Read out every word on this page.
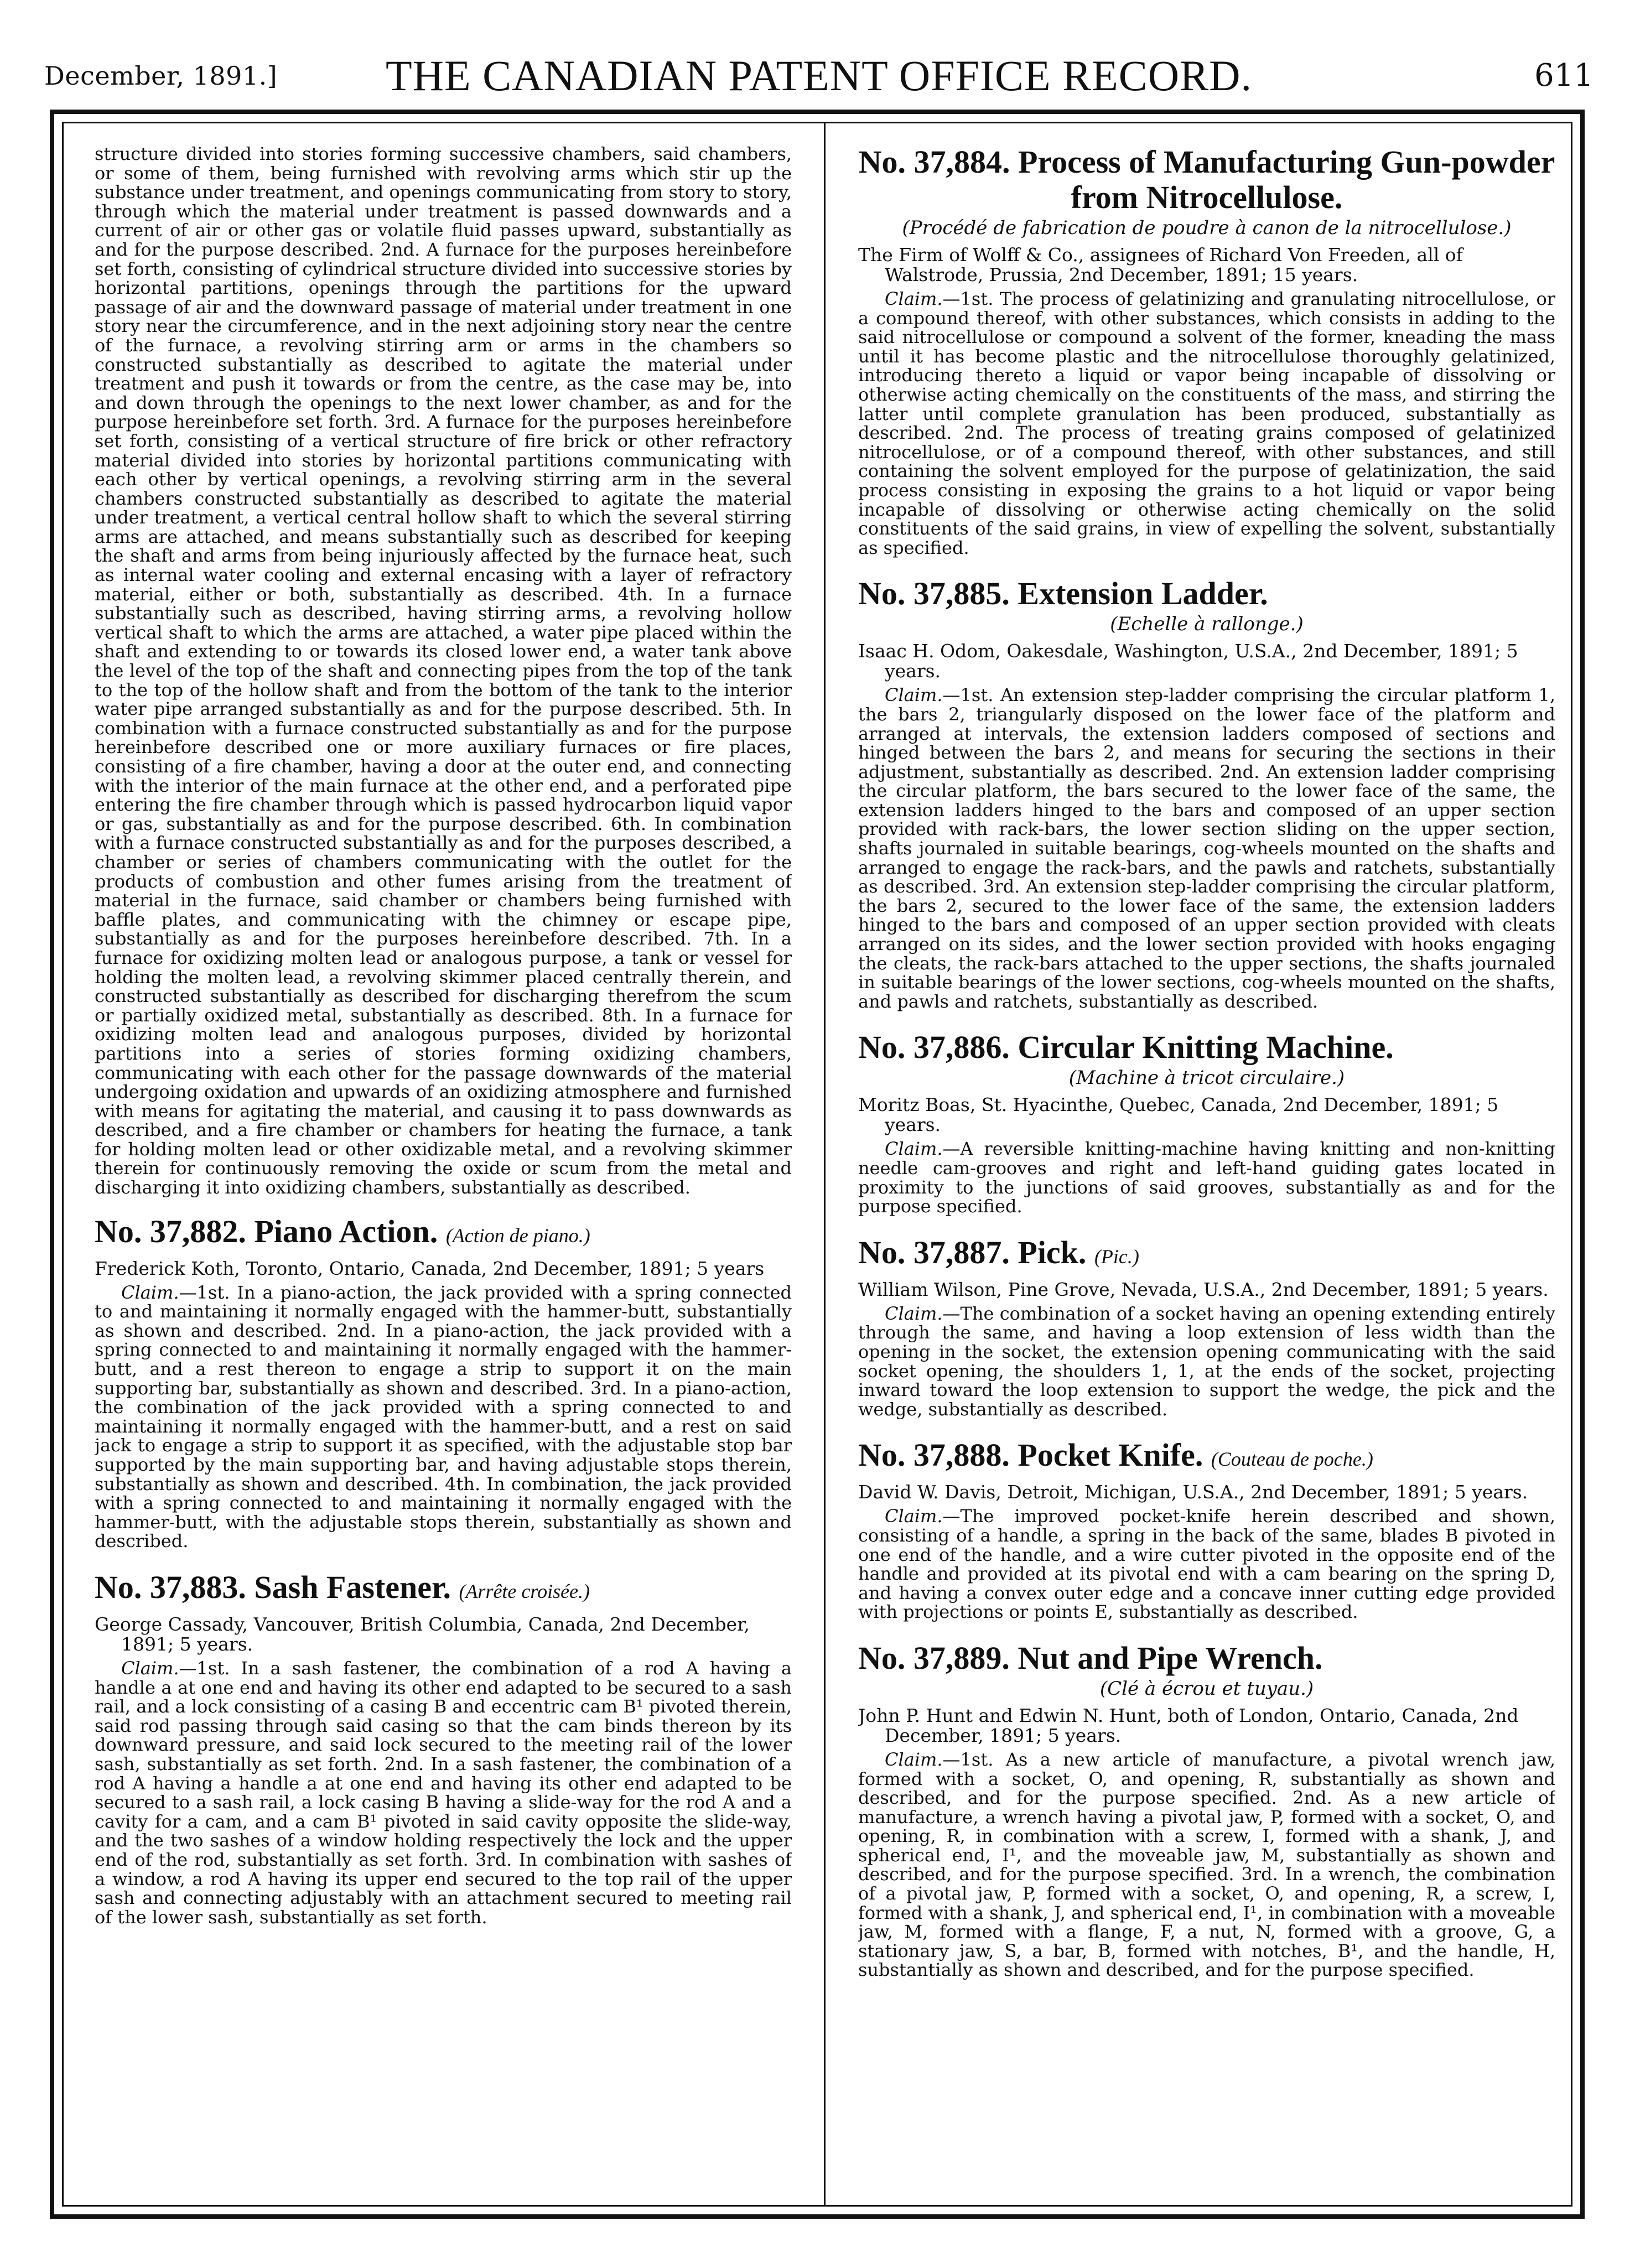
December, 1891.]	THE CANADIAN PATENT OFFICE RECORD.	611

structure divided into stories forming successive chambers, said chambers, or some of them, being furnished with revolving arms which stir up the substance under treatment, and openings communicating from story to story, through which the material under treatment is passed downwards and a current of air or other gas or volatile fluid passes upward, substantially as and for the purpose described. 2nd. A furnace for the purposes hereinbefore set forth, consisting of cylindrical structure divided into successive stories by horizontal partitions, openings through the partitions for the upward passage of air and the downward passage of material under treatment in one story near the circumference, and in the next adjoining story near the centre of the furnace, a revolving stirring arm or arms in the chambers so constructed substantially as described to agitate the material under treatment and push it towards or from the centre, as the case may be, into and down through the openings to the next lower chamber, as and for the purpose hereinbefore set forth. 3rd. A furnace for the purposes hereinbefore set forth, consisting of a vertical structure of fire brick or other refractory material divided into stories by horizontal partitions communicating with each other by vertical openings, a revolving stirring arm in the several chambers constructed substantially as described to agitate the material under treatment, a vertical central hollow shaft to which the several stirring arms are attached, and means substantially such as described for keeping the shaft and arms from being injuriously affected by the furnace heat, such as internal water cooling and external encasing with a layer of refractory material, either or both, substantially as described. 4th. In a furnace substantially such as described, having stirring arms, a revolving hollow vertical shaft to which the arms are attached, a water pipe placed within the shaft and extending to or towards its closed lower end, a water tank above the level of the top of the shaft and connecting pipes from the top of the tank to the top of the hollow shaft and from the bottom of the tank to the interior water pipe arranged substantially as and for the purpose described. 5th. In combination with a furnace constructed substantially as and for the purpose hereinbefore described one or more auxiliary furnaces or fire places, consisting of a fire chamber, having a door at the outer end, and connecting with the interior of the main furnace at the other end, and a perforated pipe entering the fire chamber through which is passed hydrocarbon liquid vapor or gas, substantially as and for the purpose described. 6th. In combination with a furnace constructed substantially as and for the purposes described, a chamber or series of chambers communicating with the outlet for the products of combustion and other fumes arising from the treatment of material in the furnace, said chamber or chambers being furnished with baffle plates, and communicating with the chimney or escape pipe, substantially as and for the purposes hereinbefore described. 7th. In a furnace for oxidizing molten lead or analogous purpose, a tank or vessel for holding the molten lead, a revolving skimmer placed centrally therein, and constructed substantially as described for discharging therefrom the scum or partially oxidized metal, substantially as described. 8th. In a furnace for oxidizing molten lead and analogous purposes, divided by horizontal partitions into a series of stories forming oxidizing chambers, communicating with each other for the passage downwards of the material undergoing oxidation and upwards of an oxidizing atmosphere and furnished with means for agitating the material, and causing it to pass downwards as described, and a fire chamber or chambers for heating the furnace, a tank for holding molten lead or other oxidizable metal, and a revolving skimmer therein for continuously removing the oxide or scum from the metal and discharging it into oxidizing chambers, substantially as described.

No. 37,882. Piano Action. (Action de piano.)

Frederick Koth, Toronto, Ontario, Canada, 2nd December, 1891; 5 years

Claim.—1st. In a piano-action, the jack provided with a spring connected to and maintaining it normally engaged with the hammer-butt, substantially as shown and described. 2nd. In a piano-action, the jack provided with a spring connected to and maintaining it normally engaged with the hammer-butt, and a rest thereon to engage a strip to support it on the main supporting bar, substantially as shown and described. 3rd. In a piano-action, the combination of the jack provided with a spring connected to and maintaining it normally engaged with the hammer-butt, and a rest on said jack to engage a strip to support it as specified, with the adjustable stop bar supported by the main supporting bar, and having adjustable stops therein, substantially as shown and described. 4th. In combination, the jack provided with a spring connected to and maintaining it normally engaged with the hammer-butt, with the adjustable stops therein, substantially as shown and described.

No. 37,883. Sash Fastener. (Arrête croisée.)

George Cassady, Vancouver, British Columbia, Canada, 2nd December, 1891; 5 years.

Claim.—1st. In a sash fastener, the combination of a rod A having a handle a at one end and having its other end adapted to be secured to a sash rail, and a lock consisting of a casing B and eccentric cam B¹ pivoted therein, said rod passing through said casing so that the cam binds thereon by its downward pressure, and said lock secured to the meeting rail of the lower sash, substantially as set forth. 2nd. In a sash fastener, the combination of a rod A having a handle a at one end and having its other end adapted to be secured to a sash rail, a lock casing B having a slide-way for the rod A and a cavity for a cam, and a cam B¹ pivoted in said cavity opposite the slide-way, and the two sashes of a window holding respectively the lock and the upper end of the rod, substantially as set forth. 3rd. In combination with sashes of a window, a rod A having its upper end secured to the top rail of the upper sash and connecting adjustably with an attachment secured to meeting rail of the lower sash, substantially as set forth.

No. 37,884. Process of Manufacturing Gun-powder from Nitrocellulose.

(Procédé de fabrication de poudre à canon de la nitrocellulose.)

The Firm of Wolff & Co., assignees of Richard Von Freeden, all of Walstrode, Prussia, 2nd December, 1891; 15 years.

Claim.—1st. The process of gelatinizing and granulating nitrocellulose, or a compound thereof, with other substances, which consists in adding to the said nitrocellulose or compound a solvent of the former, kneading the mass until it has become plastic and the nitrocellulose thoroughly gelatinized, introducing thereto a liquid or vapor being incapable of dissolving or otherwise acting chemically on the constituents of the mass, and stirring the latter until complete granulation has been produced, substantially as described. 2nd. The process of treating grains composed of gelatinized nitrocellulose, or of a compound thereof, with other substances, and still containing the solvent employed for the purpose of gelatinization, the said process consisting in exposing the grains to a hot liquid or vapor being incapable of dissolving or otherwise acting chemically on the solid constituents of the said grains, in view of expelling the solvent, substantially as specified.

No. 37,885. Extension Ladder.

(Echelle à rallonge.)

Isaac H. Odom, Oakesdale, Washington, U.S.A., 2nd December, 1891; 5 years.

Claim.—1st. An extension step-ladder comprising the circular platform 1, the bars 2, triangularly disposed on the lower face of the platform and arranged at intervals, the extension ladders composed of sections and hinged between the bars 2, and means for securing the sections in their adjustment, substantially as described. 2nd. An extension ladder comprising the circular platform, the bars secured to the lower face of the same, the extension ladders hinged to the bars and composed of an upper section provided with rack-bars, the lower section sliding on the upper section, shafts journaled in suitable bearings, cog-wheels mounted on the shafts and arranged to engage the rack-bars, and the pawls and ratchets, substantially as described. 3rd. An extension step-ladder comprising the circular platform, the bars 2, secured to the lower face of the same, the extension ladders hinged to the bars and composed of an upper section provided with cleats arranged on its sides, and the lower section provided with hooks engaging the cleats, the rack-bars attached to the upper sections, the shafts journaled in suitable bearings of the lower sections, cog-wheels mounted on the shafts, and pawls and ratchets, substantially as described.

No. 37,886. Circular Knitting Machine.

(Machine à tricot circulaire.)

Moritz Boas, St. Hyacinthe, Quebec, Canada, 2nd December, 1891; 5 years.

Claim.—A reversible knitting-machine having knitting and non-knitting needle cam-grooves and right and left-hand guiding gates located in proximity to the junctions of said grooves, substantially as and for the purpose specified.

No. 37,887. Pick. (Pic.)

William Wilson, Pine Grove, Nevada, U.S.A., 2nd December, 1891; 5 years.

Claim.—The combination of a socket having an opening extending entirely through the same, and having a loop extension of less width than the opening in the socket, the extension opening communicating with the said socket opening, the shoulders 1, 1, at the ends of the socket, projecting inward toward the loop extension to support the wedge, the pick and the wedge, substantially as described.

No. 37,888. Pocket Knife. (Couteau de poche.)

David W. Davis, Detroit, Michigan, U.S.A., 2nd December, 1891; 5 years.

Claim.—The improved pocket-knife herein described and shown, consisting of a handle, a spring in the back of the same, blades B pivoted in one end of the handle, and a wire cutter pivoted in the opposite end of the handle and provided at its pivotal end with a cam bearing on the spring D, and having a convex outer edge and a concave inner cutting edge provided with projections or points E, substantially as described.

No. 37,889. Nut and Pipe Wrench.

(Clé à écrou et tuyau.)

John P. Hunt and Edwin N. Hunt, both of London, Ontario, Canada, 2nd December, 1891; 5 years.

Claim.—1st. As a new article of manufacture, a pivotal wrench jaw, formed with a socket, O, and opening, R, substantially as shown and described, and for the purpose specified. 2nd. As a new article of manufacture, a wrench having a pivotal jaw, P, formed with a socket, O, and opening, R, in combination with a screw, I, formed with a shank, J, and spherical end, I¹, and the moveable jaw, M, substantially as shown and described, and for the purpose specified. 3rd. In a wrench, the combination of a pivotal jaw, P, formed with a socket, O, and opening, R, a screw, I, formed with a shank, J, and spherical end, I¹, in combination with a moveable jaw, M, formed with a flange, F, a nut, N, formed with a groove, G, a stationary jaw, S, a bar, B, formed with notches, B¹, and the handle, H, substantially as shown and described, and for the purpose specified.
